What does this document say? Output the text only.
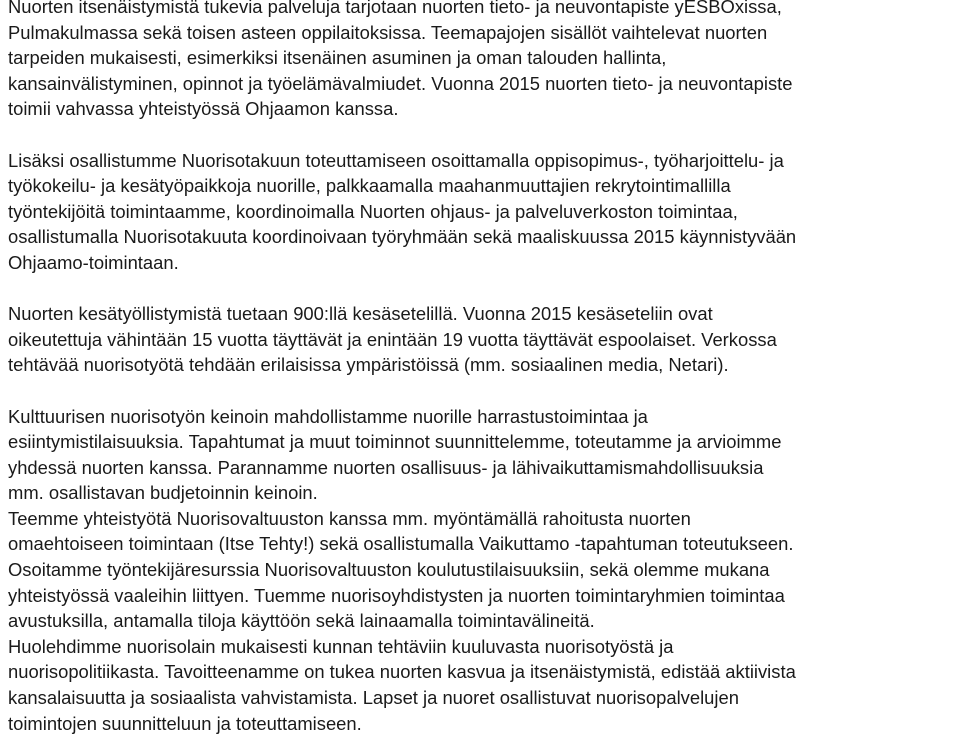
Nuorten itsenäistymistä tukevia palveluja tarjotaan nuorten tieto- ja neuvontapiste yESBOxissa,
Pulmakulmassa sekä toisen asteen oppilaitoksissa. Teemapajojen sisällöt vaihtelevat nuorten
tarpeiden mukaisesti, esimerkiksi itsenäinen asuminen ja oman talouden hallinta,
kansainvälistyminen, opinnot ja työelämävalmiudet. Vuonna 2015 nuorten tieto- ja neuvontapiste
toimii vahvassa yhteistyössä Ohjaamon kanssa.
Lisäksi osallistumme Nuorisotakuun toteuttamiseen osoittamalla oppisopimus-, työharjoittelu- ja
työkokeilu- ja kesätyöpaikkoja nuorille, palkkaamalla maahanmuuttajien rekrytointimallilla
työntekijöitä toimintaamme, koordinoimalla Nuorten ohjaus- ja palveluverkoston toimintaa,
osallistumalla Nuorisotakuuta koordinoivaan työryhmään sekä maaliskuussa 2015 käynnistyvään
Ohjaamo-toimintaan.
Nuorten kesätyöllistymistä tuetaan 900:llä kesäsetelillä. Vuonna 2015 kesäseteliin ovat
oikeutettuja vähintään 15 vuotta täyttävät ja enintään 19 vuotta täyttävät espoolaiset. Verkossa
tehtävää nuorisotyötä tehdään erilaisissa ympäristöissä (mm. sosiaalinen media, Netari).
Kulttuurisen nuorisotyön keinoin mahdollistamme nuorille harrastustoimintaa ja
esiintymistilaisuuksia. Tapahtumat ja muut toiminnot suunnittelemme, toteutamme ja arvioimme
yhdessä nuorten kanssa. Parannamme nuorten osallisuus- ja lähivaikuttamismahdollisuuksia
mm. osallistavan budjetoinnin keinoin.
Teemme yhteistyötä Nuorisovaltuuston kanssa mm. myöntämällä rahoitusta nuorten
omaehtoiseen toimintaan (Itse Tehty!) sekä osallistumalla Vaikuttamo -tapahtuman toteutukseen.
Osoitamme työntekijäresurssia Nuorisovaltuuston koulutustilaisuuksiin, sekä olemme mukana
yhteistyössä vaaleihin liittyen. Tuemme nuorisoyhdistysten ja nuorten toimintaryhmien toimintaa
avustuksilla, antamalla tiloja käyttöön sekä lainaamalla toimintavälineitä.
Huolehdimme nuorisolain mukaisesti kunnan tehtäviin kuuluvasta nuorisotyöstä ja
nuorisopolitiikasta. Tavoitteenamme on tukea nuorten kasvua ja itsenäistymistä, edistää aktiivista
kansalaisuutta ja sosiaalista vahvistamista. Lapset ja nuoret osallistuvat nuorisopalvelujen
toimintojen suunnitteluun ja toteuttamiseen.
